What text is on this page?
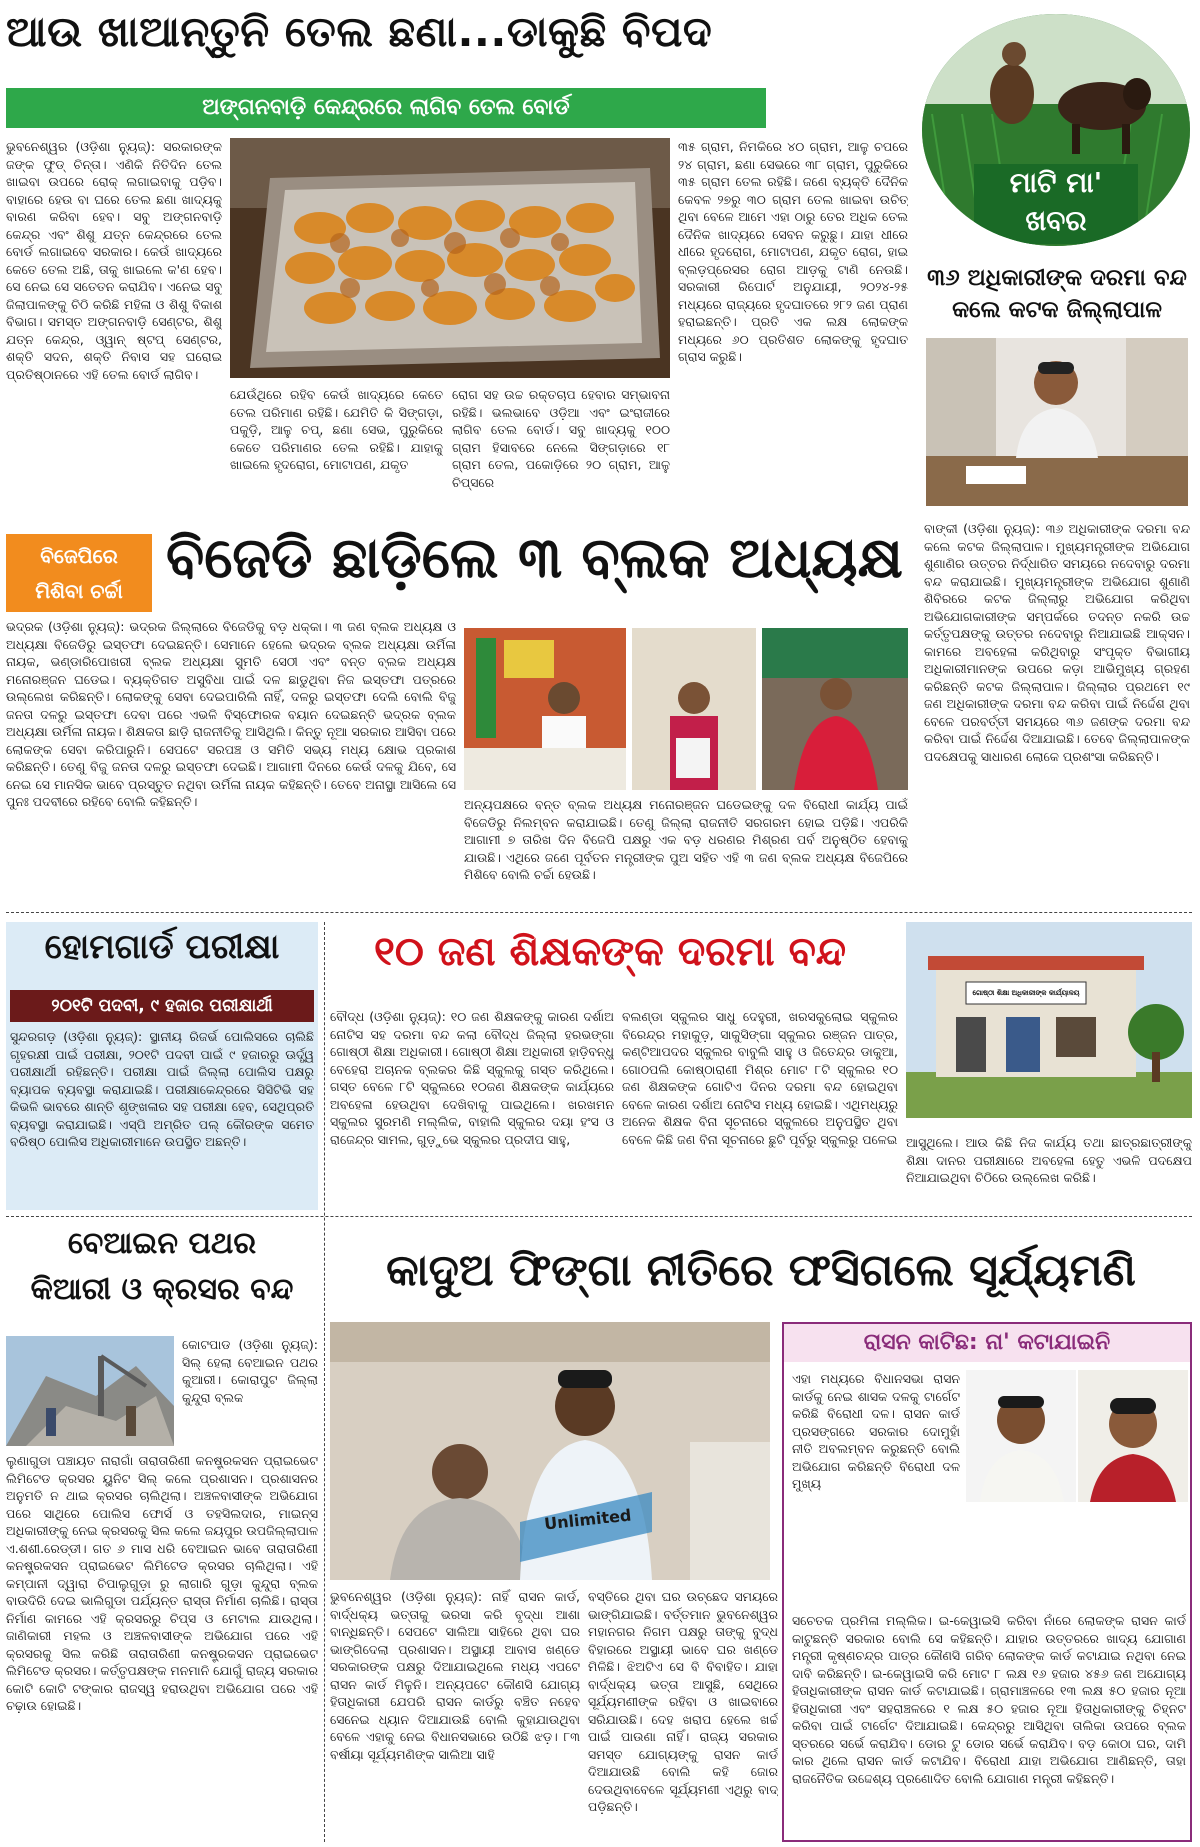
ଆଉ ଖାଆନ୍ତୁନି ତେଲ ଛଣା...ଡାକୁଛି ବିପଦ
ଅଙ୍ଗନବାଡ଼ି କେନ୍ଦ୍ରରେ ଲାଗିବ ତେଲ ବୋର୍ଡ
ଭୁବନେଶ୍ୱର (ଓଡ଼ିଶା ନ୍ୟୁଜ୍): ସରକାରଙ୍କ ଜଙ୍କ ଫୁଡ୍ ଚିନ୍ତା। ଏଣିକି ନିତିଦିନ ତେଲ ଖାଇବା ଉପରେ ରୋକ୍ ଲଗାଇବାକୁ ପଡ଼ିବ। ବାହାରେ ହେଉ ବା ଘରେ ତେଲ ଛଣା ଖାଦ୍ୟକୁ ବାରଣ କରିବା ହେବ। ସବୁ ଅଙ୍ଗନବାଡ଼ି କେନ୍ଦ୍ର ଏବଂ ଶିଶୁ ଯତ୍ନ କେନ୍ଦ୍ରରେ ତେଲ ବୋର୍ଡ ଲଗାଇବେ ସରକାର। କେଉଁ ଖାଦ୍ୟରେ କେତେ ତେଲ ଅଛି, ତାକୁ ଖାଇଲେ କ'ଣ ହେବ। ସେ ନେଇ ସେ ସତେତନ କରାଯିବ। ଏନେଇ ସବୁ ଜିଲାପାଳଙ୍କୁ ଚିଠି କରିଛି ମହିଳା ଓ ଶିଶୁ ବିକାଶ ବିଭାଗ। ସମସ୍ତ ଅଙ୍ଗନବାଡ଼ି ସେଣ୍ଟର, ଶିଶୁ ଯତ୍ନ କେନ୍ଦ୍ର, ଓ୍ୱାନ୍ ଷ୍ଟପ୍ ସେଣ୍ଟର, ଶକ୍ତି ସଦନ, ଶକ୍ତି ନିବାସ ସହ ଘରୋଇ ପ୍ରତିଷ୍ଠାନରେ ଏହି ତେଲ ବୋର୍ଡ ଲାଗିବ।
ଯେଉଁଥିରେ ରହିବ କେଉଁ ଖାଦ୍ୟରେ କେତେ ତେଲ ପରିମାଣ ରହିଛି। ଯେମିତି କି ସିଙ୍ଗଡ଼ା, ପକୁଡ଼ି, ଆଳୁ ଚପ୍, ଛଣା ସେଭ, ପୁରୁକିରେ କେତେ ପରିମାଣର ତେଲ ରହିଛି। ଯାହାକୁ ଖାଇଲେ ହୃଦରୋଗ, ମୋଟାପଣ, ଯକୃତ
ରୋଗ ସହ ଉଚ୍ଚ ରକ୍ତଚାପ ହେବାର ସମ୍ଭାବନା ରହିଛି। ଭଲଭାବେ ଓଡ଼ିଆ ଏବଂ ଇଂରାଜୀରେ ଲାଗିବ ତେଲ ବୋର୍ଡ। ସବୁ ଖାଦ୍ୟକୁ ୧୦୦ ଗ୍ରାମ ହିସାବରେ ନେଲେ ସିଙ୍ଗଡ଼ାରେ ୧୮ ଗ୍ରାମ ତେଲ, ପକୋଡ଼ିରେ ୨୦ ଗ୍ରାମ, ଆଳୁ ଚିପ୍ସରେ
୩୫ ଗ୍ରାମ, ନିମକିରେ ୪୦ ଗ୍ରାମ, ଆଳୁ ଚପରେ ୨୪ ଗ୍ରାମ, ଛଣା ସେଭରେ ୩୮ ଗ୍ରାମ, ପୁରୁକିରେ ୩୫ ଗ୍ରାମ ତେଲ ରହିଛି। ଜଣେ ବ୍ୟକ୍ତି ଦୈନିକ କେବଳ ୨୭ରୁ ୩୦ ଗ୍ରାମ ତେଲ ଖାଇବା ଉଚିତ୍ ଥିବା ବେଳେ ଆମେ ଏହା ଠାରୁ ତେର ଅଧିକ ତେଲ ଦୈନିକ ଖାଦ୍ୟରେ ସେବନ କରୁଛୁ। ଯାହା ଧୀରେ ଧୀରେ ହୃଦରୋଗ, ମୋଟାପଣ, ଯକୃତ ରୋଗ, ହାଇ ବ୍ଲଡ଼ପ୍ରେସର ରୋଗ ଆଡ଼କୁ ଟାଣି ନେଉଛି। ସରକାରୀ ରିପୋର୍ଟ ଅନୁଯାୟୀ, ୨୦୨୪-୨୫ ମଧ୍ୟରେ ରାଜ୍ୟରେ ହୃଦଘାତରେ ୨୮୨ ଜଣ ପ୍ରାଣ ହରାଇଛନ୍ତି। ପ୍ରତି ଏକ ଲକ୍ଷ ଲୋକଙ୍କ ମଧ୍ୟରେ ୬୦ ପ୍ରତିଶତ ଲୋକଙ୍କୁ ହୃଦଘାତ ଗ୍ରାସ କରୁଛି।
ମାଟି ମା'
ଖବର
୩୬ ଅଧିକାରୀଙ୍କ ଦରମା ବନ୍ଦ କଲେ କଟକ ଜିଲ୍ଲାପାଳ
ବାଙ୍କୀ (ଓଡ଼ିଶା ନ୍ୟୁଜ୍): ୩୬ ଅଧିକାରୀଙ୍କ ଦରମା ବନ୍ଦ କଲେ କଟକ ଜିଲ୍ଲାପାଳ। ମୁଖ୍ୟମନ୍ତ୍ରୀଙ୍କ ଅଭିଯୋଗ ଶୁଣାଣିର ଉତ୍ତର ନିର୍ଦ୍ଧାରିତ ସମୟରେ ନଦେବାରୁ ଦରମା ବନ୍ଦ କରାଯାଇଛି। ମୁଖ୍ୟମନ୍ତ୍ରୀଙ୍କ ଅଭିଯୋଗ ଶୁଣାଣି ଶିବିରରେ କଟକ ଜିଲ୍ଲାରୁ ଅଭିଯୋଗ କରିଥିବା ଅଭିଯୋଗକାରୀଙ୍କ ସମ୍ପର୍କରେ ତଦନ୍ତ ନକରି ଉଚ୍ଚ କର୍ତ୍ତୃପକ୍ଷଙ୍କୁ ଉତ୍ତର ନଦେବାରୁ ନିଆଯାଇଛି ଆକ୍ସନ। କାମରେ ଅବହେଳା କରିଥିବାରୁ ସଂପୃକ୍ତ ବିଭାଗୀୟ ଅଧିକାରୀମାନଙ୍କ ଉପରେ କଡ଼ା ଆଭିମୁଖ୍ୟ ଗ୍ରହଣ କରିଛନ୍ତି କଟକ ଜିଲ୍ଲାପାଳ। ଜିଲ୍ଲାର ପ୍ରଥମେ ୧୯ ଜଣ ଅଧିକାରୀଙ୍କ ଦରମା ବନ୍ଦ କରିବା ପାଇଁ ନିର୍ଦ୍ଦେଶ ଥିବା ବେଳେ ପରବର୍ତ୍ତୀ ସମୟରେ ୩୬ ଜଣଙ୍କ ଦରମା ବନ୍ଦ କରିବା ପାଇଁ ନିର୍ଦ୍ଦେଶ ଦିଆଯାଇଛି। ତେବେ ଜିଲ୍ଲାପାଳଙ୍କ ପଦକ୍ଷେପକୁ ସାଧାରଣ ଲୋକେ ପ୍ରଶଂସା କରିଛନ୍ତି।
ବିଜେପିରେ
ମିଶିବା ଚର୍ଚ୍ଚା ବିଜେଡି ଛାଡ଼ିଲେ ୩ ବ୍ଲକ ଅଧ୍ୟକ୍ଷ
ଭଦ୍ରକ (ଓଡ଼ିଶା ନ୍ୟୁଜ୍): ଭଦ୍ରକ ଜିଲ୍ଲାରେ ବିଜେଡିକୁ ବଡ଼ ଧକ୍କା। ୩ ଜଣ ବ୍ଲକ ଅଧ୍ୟକ୍ଷ ଓ ଅଧ୍ୟକ୍ଷା ବିଜେଡିରୁ ଇସ୍ତଫା ଦେଇଛନ୍ତି। ସେମାନେ ହେଲେ ଭଦ୍ରକ ବ୍ଲକ ଅଧ୍ୟକ୍ଷା ଉର୍ମିଳା ନାୟକ, ଭଣ୍ଡାରିପୋଖରୀ ବ୍ଲକ ଅଧ୍ୟକ୍ଷା ସୁମତି ସେଠୀ ଏବଂ ବନ୍ତ ବ୍ଲକ ଅଧ୍ୟକ୍ଷ ମନୋରଞ୍ଜନ ଘଡେଇ। ବ୍ୟକ୍ତିଗତ ଅସୁବିଧା ପାଇଁ ଦଳ ଛାଡୁଥିବା ନିଜ ଇସ୍ତଫା ପତ୍ରରେ ଉଲ୍ଲେଖ କରିଛନ୍ତି। ଲୋକଙ୍କୁ ସେବା ଦେଇପାରିଲି ନାହିଁ, ଦଳରୁ ଇସ୍ତଫା ଦେଲି ବୋଲି ବିଜୁ ଜନତା ଦଳରୁ ଇସ୍ତଫା ଦେବା ପରେ ଏଭଳି ବିସ୍ଫୋରକ ବୟାନ ଦେଇଛନ୍ତି ଭଦ୍ରକ ବ୍ଲକ ଅଧ୍ୟକ୍ଷା ଉର୍ମିଳା ନାୟକ। ଶିକ୍ଷକତା ଛାଡ଼ି ରାଜନୀତିକୁ ଆସିଥିଲି। କିନ୍ତୁ ନୂଆ ସରକାର ଆସିବା ପରେ ଲୋକଙ୍କ ସେବା କରିପାରୁନି। ସେପଟେ ସରପଞ୍ଚ ଓ ସମିତି ସଭ୍ୟ ମଧ୍ୟ କ୍ଷୋଭ ପ୍ରକାଶ କରିଛନ୍ତି। ତେଣୁ ବିଜୁ ଜନତା ଦଳରୁ ଇସ୍ତଫା ଦେଇଛି। ଆଗାମୀ ଦିନରେ କେଉଁ ଦଳକୁ ଯିବେ, ସେ ନେଇ ସେ ମାନସିକ ଭାବେ ପ୍ରସ୍ତୁତ ନଥିବା ଉର୍ମିଳା ନାୟକ କହିଛନ୍ତି। ତେବେ ଅନାସ୍ଥା ଆସିଲେ ସେ ପୁନଃ ପଦବୀରେ ରହିବେ ବୋଲି କହିଛନ୍ତି।	ଅନ୍ୟପକ୍ଷରେ ବନ୍ତ ବ୍ଲକ ଅଧ୍ୟକ୍ଷ ମନୋରଞ୍ଜନ ଘଡେଇଙ୍କୁ ଦଳ ବିରୋଧୀ କାର୍ଯ୍ୟ ପାଇଁ ବିଜେଡିରୁ ନିଲମ୍ବନ କରାଯାଇଛି। ତେଣୁ ଜିଲ୍ଲା ରାଜନୀତି ସରଗରମ ହୋଇ ପଡ଼ିଛି। ଏପରିକି ଆଗାମୀ ୭ ତାରିଖ ଦିନ ବିଜେପି ପକ୍ଷରୁ ଏକ ବଡ଼ ଧରଣର ମିଶ୍ରଣ ପର୍ବ ଅନୁଷ୍ଠିତ ହେବାକୁ ଯାଉଛି। ଏଥିରେ ଜଣେ ପୂର୍ବତନ ମନ୍ତ୍ରୀଙ୍କ ପୁଅ ସହିତ ଏହି ୩ ଜଣ ବ୍ଲକ ଅଧ୍ୟକ୍ଷ ବିଜେପିରେ ମିଶିବେ ବୋଲି ଚର୍ଚ୍ଚା ହେଉଛି।
ହୋମଗାର୍ଡ ପରୀକ୍ଷା
୨୦୧ଟି ପଦବୀ, ୯ ହଜାର ପରୀକ୍ଷାର୍ଥୀ
ସୁନ୍ଦରଗଡ଼ (ଓଡ଼ିଶା ନ୍ୟୁଜ୍): ସ୍ଥାନୀୟ ରିଜର୍ଭ ପୋଲିସରେ ଚାଲିଛି ଗୃହରକ୍ଷୀ ପାଇଁ ପରୀକ୍ଷା, ୨୦୧ଟି ପଦବୀ ପାଇଁ ୯ ହଜାରରୁ ଊର୍ଦ୍ଧ୍ୱ ପରୀକ୍ଷାର୍ଥୀ ରହିଛନ୍ତି। ପରୀକ୍ଷା ପାଇଁ ଜିଲ୍ଲା ପୋଲିସ ପକ୍ଷରୁ ବ୍ୟାପକ ବ୍ୟବସ୍ଥା କରାଯାଇଛି। ପରୀକ୍ଷାକେନ୍ଦ୍ରରେ ସିସିଟିଭି ସହ କିଭଳି ଭାବରେ ଶାନ୍ତି ଶୃଙ୍ଖଳାର ସହ ପରୀକ୍ଷା ହେବ, ସେଥିପ୍ରତି ବ୍ୟବସ୍ଥା କରାଯାଇଛି। ଏସ୍‌ପି ଅମ୍ରିତ ପଲ୍ କୌରଙ୍କ ସମେତ ବରିଷ୍ଠ ପୋଲିସ ଅଧିକାରୀମାନେ ଉପସ୍ଥିତ ଅଛନ୍ତି।
୧୦ ଜଣ ଶିକ୍ଷକଙ୍କ ଦରମା ବନ୍ଦ
ଗୋଷ୍ଠୀ ଶିକ୍ଷା ଅଧିକାରୀଙ୍କ କାର୍ଯ୍ୟାଳୟ
ବୌଦ୍ଧ (ଓଡ଼ିଶା ନ୍ୟୁଜ୍): ୧୦ ଜଣ ଶିକ୍ଷକଙ୍କୁ କାରଣ ଦର୍ଶାଅ ନୋଟିସ ସହ ଦରମା ବନ୍ଦ କଲା ବୌଦ୍ଧ ଜିଲ୍ଲା ହରଭଙ୍ଗା ଗୋଷ୍ଠୀ ଶିକ୍ଷା ଅଧିକାରୀ। ଗୋଷ୍ଠୀ ଶିକ୍ଷା ଅଧିକାରୀ ହାଡ଼ିବନ୍ଧୁ ବେହେରା ଅଚାନକ ବ୍ଲକର କିଛି ସ୍କୁଲକୁ ଗସ୍ତ କରିଥିଲେ। ଗସ୍ତ ବେଳେ ୮ଟି ସ୍କୁଲରେ ୧୦ଜଣ ଶିକ୍ଷକଙ୍କ କାର୍ଯ୍ୟରେ ଅବହେଳା ହେଉଥିବା ଦେଖିବାକୁ ପାଇଥିଲେ। ଖରଖମନ ସ୍କୁଲର ସୁରମଣି ମଲ୍ଲିକ, ବାହାଲି ସ୍କୁଲର ଦୟା ହଂସ ଓ ରାଜେନ୍ଦ୍ର ସାମଲ, ଗୁଡ଼ୁଭେ ସ୍କୁଲର ପ୍ରଦୀପ ସାହୁ,
ବଲଣ୍ଡା ସ୍କୁଲର ସାଧୁ ଦେହୁରୀ, ଖରସକୁଲୋଇ ସ୍କୁଲର ବିରେନ୍ଦ୍ର ମହାକୁଡ଼, ସାକୁସିଙ୍ଗା ସ୍କୁଲର ରଞ୍ଜନ ପାତ୍ର, କଣ୍ଟିଆପଦର ସ୍କୁଲର ବାବୁଲି ସାହୁ ଓ ଜିତେନ୍ଦ୍ର ଡାକୁଆ, ଗୋଠପଲି କୋଷ୍ଠାରାଣୀ ମିଶ୍ର ମୋଟ ୮ଟି ସ୍କୁଲର ୧୦ ଜଣ ଶିକ୍ଷକଙ୍କ ଗୋଟିଏ ଦିନର ଦରମା ବନ୍ଦ ହୋଇଥିବା ବେଳେ କାରଣ ଦର୍ଶାଅ ନୋଟିସ ମଧ୍ୟ ହୋଇଛି। ଏଥିମଧ୍ୟରୁ ଅନେକ ଶିକ୍ଷକ ବିନା ସୂଚନାରେ ସ୍କୁଲରେ ଅନୁପସ୍ଥିତ ଥିବା ବେଳେ କିଛି ଜଣ ବିନା ସୂଚନାରେ ଛୁଟି ପୂର୍ବରୁ ସ୍କୁଲରୁ ପଳେଇ ଆସୁଥିଲେ। ଆଉ କିଛି ନିଜ କାର୍ଯ୍ୟ ତଥା ଛାତ୍ରଛାତ୍ରୀଙ୍କୁ ଶିକ୍ଷା ଦାନର ପରୀକ୍ଷାରେ ଅବହେଳା ହେତୁ ଏଭଳି ପଦକ୍ଷେପ ନିଆଯାଇଥିବା ଚିଠିରେ ଉଲ୍ଲେଖ କରିଛି।
ବେଆଇନ ପଥର
କିଆରୀ ଓ କ୍ରସର ବନ୍ଦ
କୋଟପାଡ (ଓଡ଼ିଶା ନ୍ୟୁଜ୍): ସିଲ୍ ହେଲା ବେଆଇନ ପଥର କୁଆରୀ। କୋରାପୁଟ ଜିଲ୍ଲା କୁନ୍ଦୁରା ବ୍ଲକ
ଲୁଣାଗୁଡା ପଞ୍ଚାୟତ ନାରାଗାଁ ତାରାତାରିଣୀ କନଷ୍ଟ୍ରକସନ ପ୍ରାଇଭେଟ ଲିମିଟେଡ କ୍ରସର ୟୁନିଟ ସିଲ୍ କଲେ ପ୍ରଶାସନ। ପ୍ରଶାସନର ଅନୁମତି ନ ଥାଇ କ୍ରସର ଚାଲିଥିଲା। ଅଞ୍ଚଳବାସୀଙ୍କ ଅଭିଯୋଗ ପରେ ସାଥିରେ ପୋଲିସ ଫୋର୍ସ ଓ ତହସିଲଦାର, ମାଇନ୍ସ ଅଧିକାରୀଙ୍କୁ ନେଇ କ୍ରସରକୁ ସିଲ କଲେ ଜୟପୁର ଉପଜିଲ୍ଲାପାଳ ଏ.ଶଶୀ.ରେଡ୍ଡୀ। ଗତ ୬ ମାସ ଧରି ବେଆଇନ ଭାବେ ତାରାତାରିଣୀ କନଷ୍ଟ୍ରକସନ ପ୍ରାଇଭେଟ ଲିମିଟେଡ କ୍ରସର ଚାଲିଥିଲା। ଏହି କମ୍ପାନୀ ଦ୍ୱାରା ଚିପାଲୁଗୁଡ଼ା ରୁ ଲାଗାରି ଗୁଡ଼ା କୁନ୍ଦୁରା ବ୍ଲକ ବାଉଦିରି ଦେଇ ଭାଲିଗୁଡା ପର୍ଯ୍ୟନ୍ତ ରାସ୍ତା ନିର୍ମାଣ ଚାଲିଛି। ରାସ୍ତା ନିର୍ମାଣ କାମରେ ଏହି କ୍ରସରରୁ ଚିପ୍ସ ଓ ମେଟାଲ ଯାଉଥିଲା। ଜାଣିକାରୀ ମହଲ ଓ ଅଞ୍ଚଳବାସୀଙ୍କ ଅଭିଯୋଗ ପରେ ଏହି କ୍ରସରକୁ ସିଲ କରିଛି ତାରାତାରିଣୀ କନଷ୍ଟ୍ରକସନ ପ୍ରାଇଭେଟ ଲିମିଟେଡ କ୍ରସର। କର୍ତ୍ତୃପକ୍ଷଙ୍କ ମନମାନି ଯୋଗୁଁ ରାଜ୍ୟ ସରକାର କୋଟି କୋଟି ଟଙ୍କାର ରାଜସ୍ୱ ହରାଉଥିବା ଅଭିଯୋଗ ପରେ ଏହି ଚଢ଼ାଉ ହୋଇଛି।
କାଦୁଅ ଫିଙ୍ଗା ନୀତିରେ ଫସିଗଲେ ସୂର୍ଯ୍ୟମଣି
Unlimited
ଭୁବନେଶ୍ୱର (ଓଡ଼ିଶା ନ୍ୟୁଜ୍): ନାହିଁ ରାସନ କାର୍ଡ, ବାର୍ଦ୍ଧକ୍ୟ ଭତ୍ତାକୁ ଭରସା କରି ବୃଦ୍ଧା ଆଶା ବାନ୍ଧିଛନ୍ତି। ସେପଟେ ସାଲିଆ ସାହିରେ ଥିବା ଘର ଭାଙ୍ଗିଦେଲା ପ୍ରଶାସନ। ଅସ୍ଥାୟୀ ଆବାସ ଖଣ୍ଡେ ସରକାରଙ୍କ ପକ୍ଷରୁ ଦିଆଯାଇଥିଲେ ମଧ୍ୟ ଏପଟେ ରାସନ କାର୍ଡ ମିଳୁନି। ଅନ୍ୟପଟେ କୌଣସି ଯୋଗ୍ୟ ହିତାଧିକାରୀ ଯେପରି ରାସନ କାର୍ଡରୁ ବଞ୍ଚିତ ନହେବ ସେନେଇ ଧ୍ୟାନ ଦିଆଯାଉଛି ବୋଲି କୁହାଯାଉଥିବା ବେଳେ ଏହାକୁ ନେଇ ବିଧାନସଭାରେ ଉଠିଛି ଝଡ଼। ୮୩ ବର୍ଷୀୟା ସୂର୍ଯ୍ୟମଣିଙ୍କ ସାଲିଆ ସାହି
ବସ୍ତିରେ ଥିବା ଘର ଉଚ୍ଛେଦ ସମୟରେ ଭାଙ୍ଗିଯାଇଛି। ବର୍ତ୍ତମାନ ଭୁବନେଶ୍ୱର ମହାନଗର ନିଗମ ପକ୍ଷରୁ ତାଙ୍କୁ ବୁଦ୍ଧ ବିହାରରେ ଅସ୍ଥାୟୀ ଭାବେ ଘର ଖଣ୍ଡେ ମିଳିଛି। ଝିଅଟିଏ ସେ ବି ବିବାହିତ। ଯାହା ବାର୍ଦ୍ଧକ୍ୟ ଭତ୍ତା ଆସୁଛି, ସେଥିରେ ସୂର୍ଯ୍ୟମଣୀଙ୍କ ରହିବା ଓ ଖାଇବାରେ ସରିଯାଉଛି। ଦେହ ଖରାପ ହେଲେ ଖର୍ଚ୍ଚ ପାଇଁ ପାଉଣା ନାହିଁ। ରାଜ୍ୟ ସରକାର ସମସ୍ତ ଯୋଗ୍ୟଙ୍କୁ ରାସନ କାର୍ଡ ଦିଆଯାଉଛି ବୋଲି କହି ଜୋର ଦେଉଥିବାବେଳେ ସୂର୍ଯ୍ୟମଣୀ ଏଥିରୁ ବାଦ୍ ପଡ଼ିଛନ୍ତି।
ରାସନ କାଟିଛ: ନା' କଟାଯାଇନି
ଏହା ମଧ୍ୟରେ ବିଧାନସଭା ରାସନ କାର୍ଡକୁ ନେଇ ଶାସକ ଦଳକୁ ଟାର୍ଗେଟ କରିଛି ବିରୋଧୀ ଦଳ। ରାସନ କାର୍ଡ ପ୍ରସଙ୍ଗରେ ସରକାର ଦୋମୁହାଁ ନୀତି ଅବଲମ୍ବନ କରୁଛନ୍ତି ବୋଲି ଅଭିଯୋଗ କରିଛନ୍ତି ବିରୋଧୀ ଦଳ ମୁଖ୍ୟ
ସଚେତକ ପ୍ରମିଳା ମଲ୍ଲିକ। ଇ-କେୱାଇସି କରିବା ନାଁରେ ଲୋକଙ୍କ ରାସନ କାର୍ଡ କାଟୁଛନ୍ତି ସରକାର ବୋଲି ସେ କହିଛନ୍ତି। ଯାହାର ଉତ୍ତରରେ ଖାଦ୍ୟ ଯୋଗାଣ ମନ୍ତ୍ରୀ କୃଷ୍ଣଚନ୍ଦ୍ର ପାତ୍ର କୌଣସି ଗରିବ ଲୋକଙ୍କ କାର୍ଡ କଟାଯାଇ ନଥିବା ନେଇ ଦାବି କରିଛନ୍ତି। ଇ-କେୱାଇସି କରି ମୋଟ ୮ ଲକ୍ଷ ୧୬ ହଜାର ୪୫୬ ଜଣ ଅଯୋଗ୍ୟ ହିତାଧିକାରୀଙ୍କ ରାସନ କାର୍ଡ କଟାଯାଇଛି। ଗ୍ରାମାଞ୍ଚଳରେ ୧୩ ଲକ୍ଷ ୫୦ ହଜାର ନୂଆ ହିତାଧିକାରୀ ଏବଂ ସହରାଞ୍ଚଳରେ ୧ ଲକ୍ଷ ୫୦ ହଜାର ନୂଆ ହିତାଧିକାରୀଙ୍କୁ ଚିହ୍ନଟ କରିବା ପାଇଁ ଟାର୍ଗେଟ ଦିଆଯାଇଛି। କେନ୍ଦ୍ରରୁ ଆସିଥିବା ତାଲିକା ଉପରେ ବ୍ଲକ ସ୍ତରରେ ସର୍ଭେ କରାଯିବ। ଡୋର ଟୁ ଡୋର ସର୍ଭେ କରାଯିବ। ବଡ଼ କୋଠା ଘର, ଦାମି କାର ଥିଲେ ରାସନ କାର୍ଡ କଟାଯିବ। ବିରୋଧୀ ଯାହା ଅଭିଯୋଗ ଆଣିଛନ୍ତି, ତାହା ରାଜନୈତିକ ଉଦ୍ଦେଶ୍ୟ ପ୍ରଣୋଦିତ ବୋଲି ଯୋଗାଣ ମନ୍ତ୍ରୀ କହିଛନ୍ତି।
